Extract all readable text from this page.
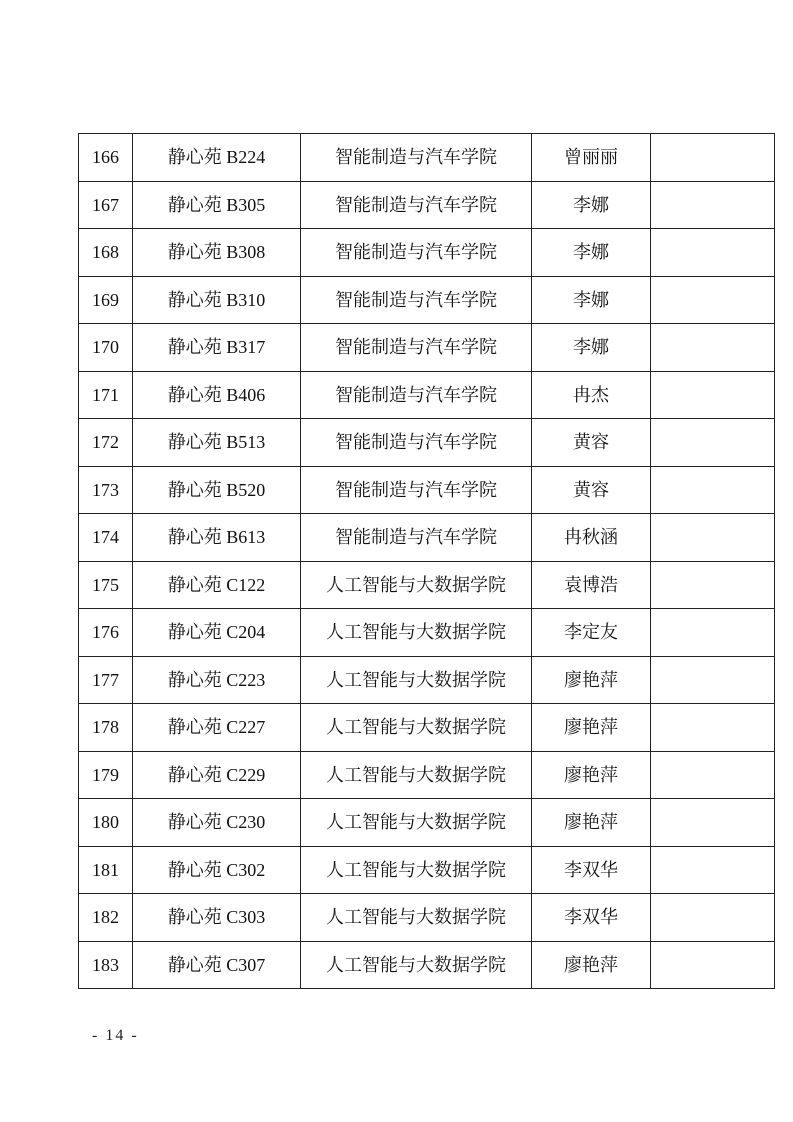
166	静心苑 B224	智能制造与汽车学院	曾丽丽	
167	静心苑 B305	智能制造与汽车学院	李娜	
168	静心苑 B308	智能制造与汽车学院	李娜	
169	静心苑 B310	智能制造与汽车学院	李娜	
170	静心苑 B317	智能制造与汽车学院	李娜	
171	静心苑 B406	智能制造与汽车学院	冉杰	
172	静心苑 B513	智能制造与汽车学院	黄容	
173	静心苑 B520	智能制造与汽车学院	黄容	
174	静心苑 B613	智能制造与汽车学院	冉秋涵	
175	静心苑 C122	人工智能与大数据学院	袁博浩	
176	静心苑 C204	人工智能与大数据学院	李定友	
177	静心苑 C223	人工智能与大数据学院	廖艳萍	
178	静心苑 C227	人工智能与大数据学院	廖艳萍	
179	静心苑 C229	人工智能与大数据学院	廖艳萍	
180	静心苑 C230	人工智能与大数据学院	廖艳萍	
181	静心苑 C302	人工智能与大数据学院	李双华	
182	静心苑 C303	人工智能与大数据学院	李双华	
183	静心苑 C307	人工智能与大数据学院	廖艳萍	
- 14 -
